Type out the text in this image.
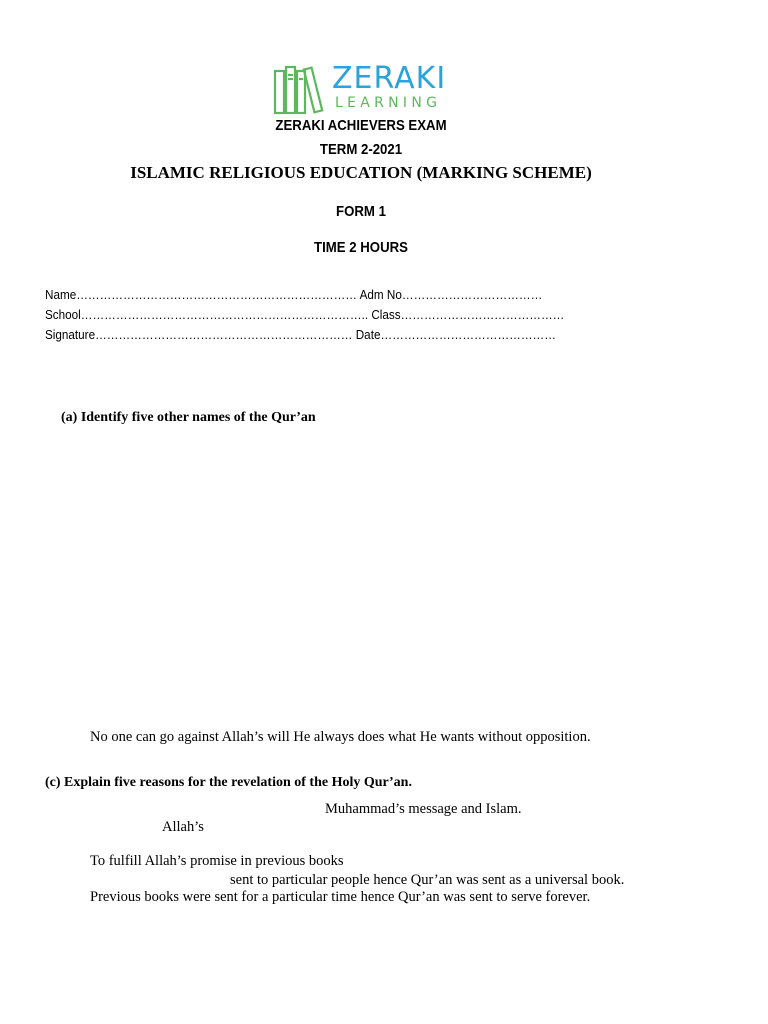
ZERAKI
LEARNING
ZERAKI ACHIEVERS EXAM
TERM 2-2021
ISLAMIC RELIGIOUS EDUCATION (MARKING SCHEME)
FORM 1
TIME 2 HOURS
Name……………………………………………………………… Adm No………………………………
School……………………………………………………………….. Class……………………………………
Signature………………………………………………………… Date………………………………………
(a) Identify five other names of the Qur’an
No one can go against Allah’s will He always does what He wants without opposition.
(c) Explain five reasons for the revelation of the Holy Qur’an.
Muhammad’s message and Islam.
Allah’s
To fulfill Allah’s promise in previous books
sent to particular people hence Qur’an was sent as a universal book.
Previous books were sent for a particular time hence Qur’an was sent to serve forever.
